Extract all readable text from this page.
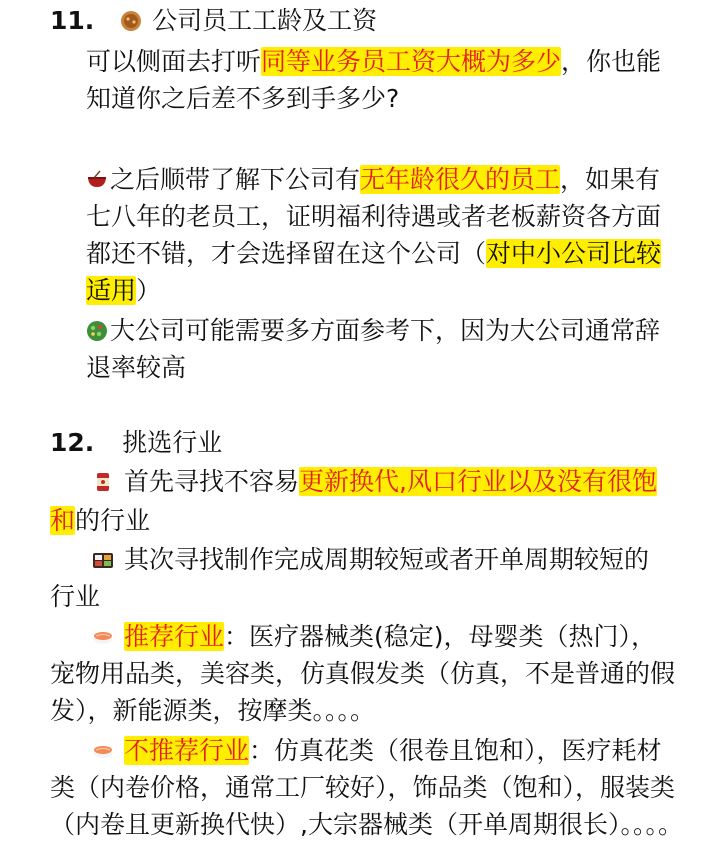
11. 公司员工工龄及工资
可以侧面去打听同等业务员工资大概为多少，你也能
知道你之后差不多到手多少?
之后顺带了解下公司有无年龄很久的员工，如果有
七八年的老员工，证明福利待遇或者老板薪资各方面
都还不错，才会选择留在这个公司（对中小公司比较
适用）
大公司可能需要多方面参考下，因为大公司通常辞
退率较高
12. 挑选行业
首先寻找不容易更新换代,风口行业以及没有很饱
和的行业
其次寻找制作完成周期较短或者开单周期较短的
行业
推荐行业：医疗器械类(稳定)，母婴类（热门），
宠物用品类，美容类，仿真假发类（仿真，不是普通的假
发），新能源类，按摩类。。。。
不推荐行业：仿真花类（很卷且饱和），医疗耗材
类（内卷价格，通常工厂较好），饰品类（饱和），服装类
（内卷且更新换代快）,大宗器械类（开单周期很长）。。。。
